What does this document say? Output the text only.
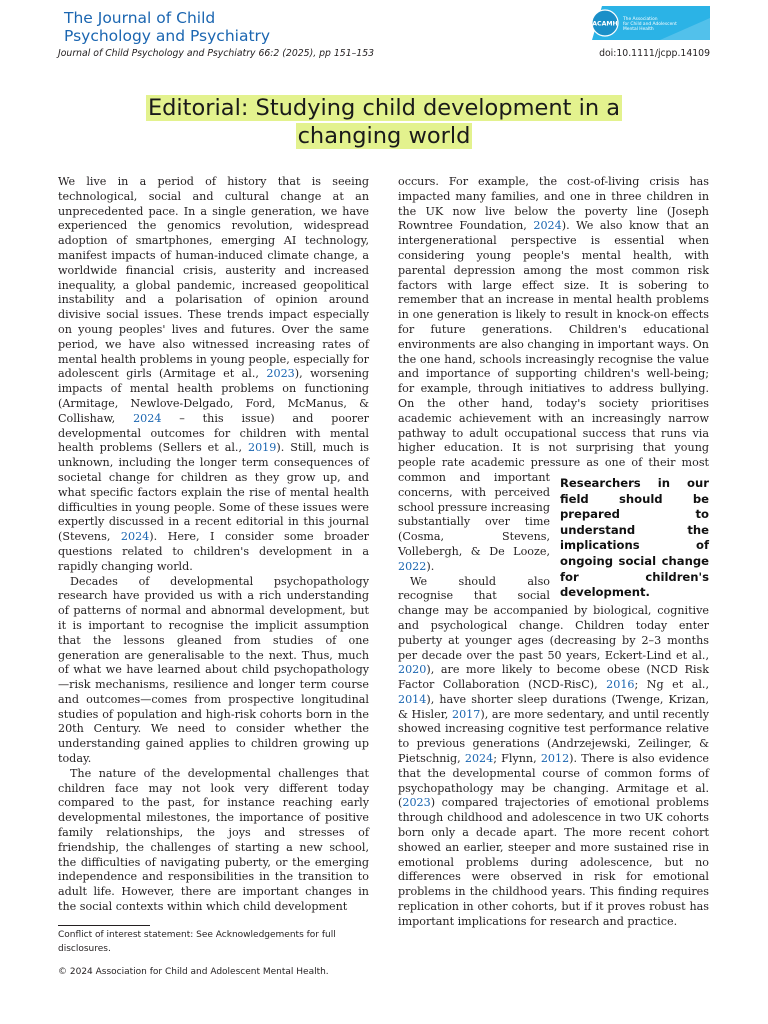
The Journal of Child
Psychology and Psychiatry
ACAMH
The Association
for Child and Adolescent
Mental Health
Journal of Child Psychology and Psychiatry 66:2 (2025), pp 151–153	doi:10.1111/jcpp.14109
Editorial: Studying child development in a
changing world

We live in a period of history that is seeing technological, social and cultural change at an unprecedented pace. In a single generation, we have experienced the genomics revolution, widespread adoption of smartphones, emerging AI technology, manifest impacts of human-induced climate change, a worldwide financial crisis, austerity and increased inequality, a global pandemic, increased geopolitical instability and a polarisation of opinion around divisive social issues. These trends impact especially on young peoples' lives and futures. Over the same period, we have also witnessed increasing rates of mental health problems in young people, especially for adolescent girls (Armitage et al., 2023), worsening impacts of mental health problems on functioning (Armitage, Newlove-Delgado, Ford, McManus, & Collishaw, 2024 – this issue) and poorer developmental outcomes for children with mental health problems (Sellers et al., 2019). Still, much is unknown, including the longer term consequences of societal change for children as they grow up, and what specific factors explain the rise of mental health difficulties in young people. Some of these issues were expertly discussed in a recent editorial in this journal (Stevens, 2024). Here, I consider some broader questions related to children's development in a rapidly changing world.

Decades of developmental psychopathology research have provided us with a rich understanding of patterns of normal and abnormal development, but it is important to recognise the implicit assumption that the lessons gleaned from studies of one generation are generalisable to the next. Thus, much of what we have learned about child psychopathology—risk mechanisms, resilience and longer term course and outcomes—comes from prospective longitudinal studies of population and high-risk cohorts born in the 20th Century. We need to consider whether the understanding gained applies to children growing up today.

The nature of the developmental challenges that children face may not look very different today compared to the past, for instance reaching early developmental milestones, the importance of positive family relationships, the joys and stresses of friendship, the challenges of starting a new school, the difficulties of navigating puberty, or the emerging independence and responsibilities in the transition to adult life. However, there are important changes in the social contexts within which child development

occurs. For example, the cost-of-living crisis has impacted many families, and one in three children in the UK now live below the poverty line (Joseph Rowntree Foundation, 2024). We also know that an intergenerational perspective is essential when considering young people's mental health, with parental depression among the most common risk factors with large effect size. It is sobering to remember that an increase in mental health problems in one generation is likely to result in knock-on effects for future generations. Children's educational environments are also changing in important ways. On the one hand, schools increasingly recognise the value and importance of supporting children's well-being; for example, through initiatives to address bullying. On the other hand, today's society prioritises academic achievement with an increasingly narrow pathway to adult occupational success that runs via higher education. It is not surprising that young people rate academic pressure as
Researchers in our field should be prepared to understand the implications of ongoing social change for children's development.
one of their most common and important concerns, with perceived school pressure increasing substantially over time (Cosma, Stevens, Vollebergh, & De Looze, 2022).

We should also recognise that social change may be accompanied by biological, cognitive and psychological change. Children today enter puberty at younger ages (decreasing by 2–3 months per decade over the past 50 years, Eckert-Lind et al., 2020), are more likely to become obese (NCD Risk Factor Collaboration (NCD-RisC), 2016; Ng et al., 2014), have shorter sleep durations (Twenge, Krizan, & Hisler, 2017), are more sedentary, and until recently showed increasing cognitive test performance relative to previous generations (Andrzejewski, Zeilinger, & Pietschnig, 2024; Flynn, 2012). There is also evidence that the developmental course of common forms of psychopathology may be changing. Armitage et al. (2023) compared trajectories of emotional problems through childhood and adolescence in two UK cohorts born only a decade apart. The more recent cohort showed an earlier, steeper and more sustained rise in emotional problems during adolescence, but no differences were observed in risk for emotional problems in the childhood years. This finding requires replication in other cohorts, but if it proves robust has important implications for research and practice.

Conflict of interest statement: See Acknowledgements for full disclosures.
© 2024 Association for Child and Adolescent Mental Health.
